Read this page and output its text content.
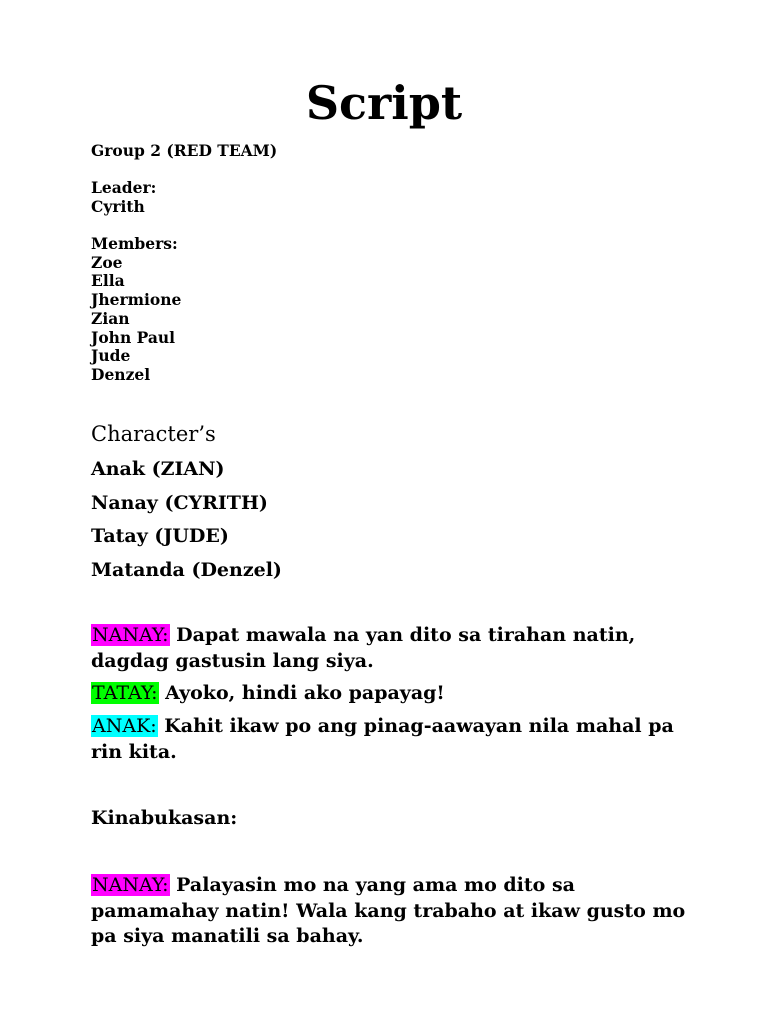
Script
Group 2 (RED TEAM)
Leader:
Cyrith
Members:
Zoe
Ella
Jhermione
Zian
John Paul
Jude
Denzel
Character’s
Anak (ZIAN)
Nanay (CYRITH)
Tatay (JUDE)
Matanda (Denzel)
NANAY: Dapat mawala na yan dito sa tirahan natin, dagdag gastusin lang siya.
TATAY: Ayoko, hindi ako papayag!
ANAK: Kahit ikaw po ang pinag-aawayan nila mahal pa rin kita.
Kinabukasan:
NANAY: Palayasin mo na yang ama mo dito sa pamamahay natin! Wala kang trabaho at ikaw gusto mo pa siya manatili sa bahay.
